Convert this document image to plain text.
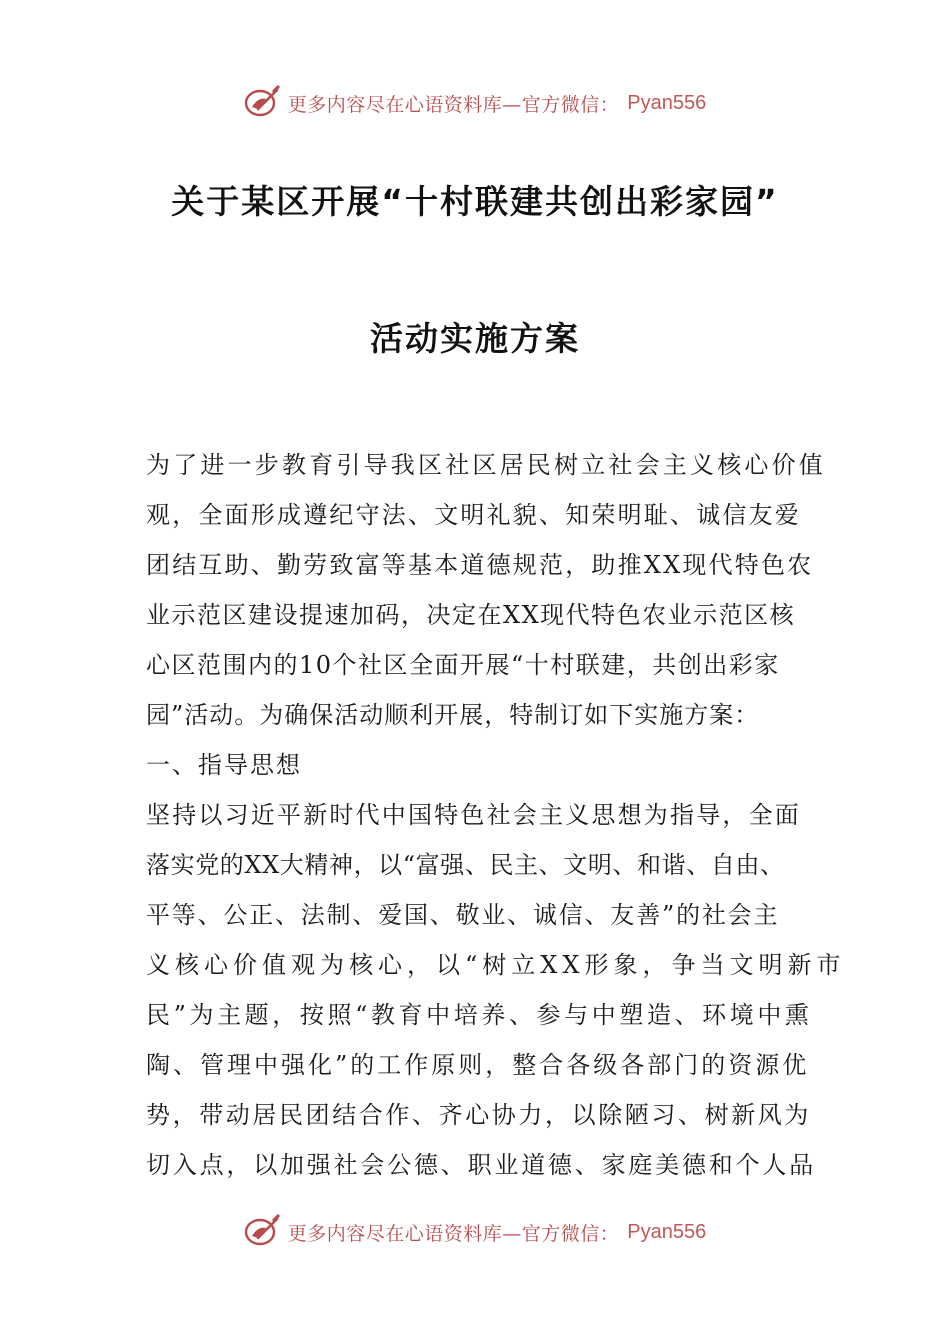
更多内容尽在心语资料库—官方微信： Pyan556
关于某区开展“十村联建共创出彩家园”
活动实施方案
为了进一步教育引导我区社区居民树立社会主义核心价值
观，全面形成遵纪守法、文明礼貌、知荣明耻、诚信友爱
团结互助、勤劳致富等基本道德规范，助推XX现代特色农
业示范区建设提速加码，决定在XX现代特色农业示范区核
心区范围内的10个社区全面开展“十村联建，共创出彩家
园”活动。为确保活动顺利开展，特制订如下实施方案：
一、指导思想
坚持以习近平新时代中国特色社会主义思想为指导，全面
落实党的XX大精神，以“富强、民主、文明、和谐、自由、
平等、公正、法制、爱国、敬业、诚信、友善”的社会主
义核心价值观为核心，以“树立XX形象，争当文明新市
民”为主题，按照“教育中培养、参与中塑造、环境中熏
陶、管理中强化”的工作原则，整合各级各部门的资源优
势，带动居民团结合作、齐心协力，以除陋习、树新风为
切入点，以加强社会公德、职业道德、家庭美德和个人品
更多内容尽在心语资料库—官方微信： Pyan556
